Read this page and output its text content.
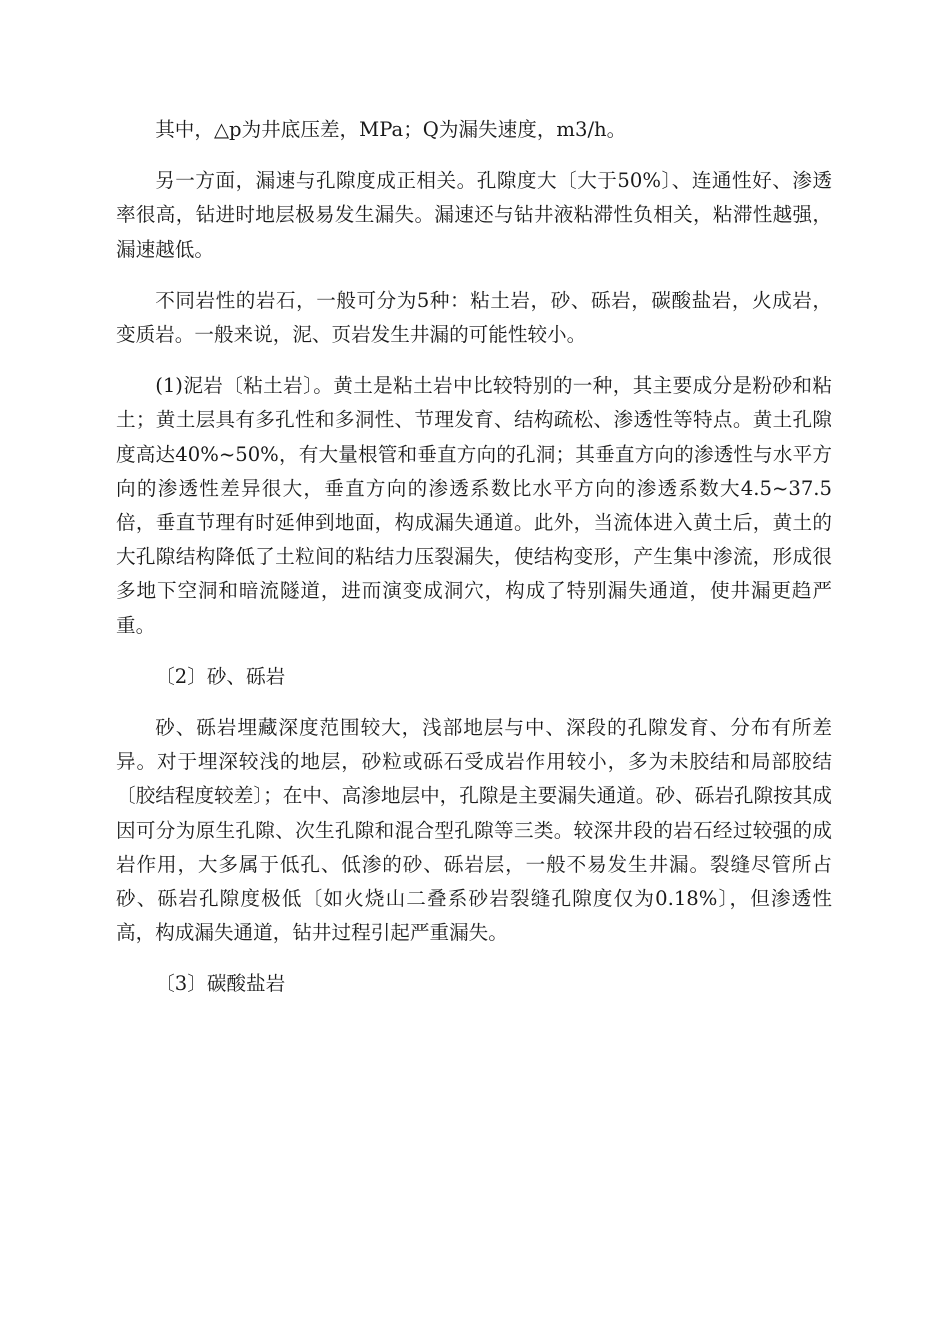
其中，△p为井底压差，MPa；Q为漏失速度，m3/h。

另一方面，漏速与孔隙度成正相关。孔隙度大〔大于50%〕、连通性好、渗透率很高，钻进时地层极易发生漏失。漏速还与钻井液粘滞性负相关，粘滞性越强，漏速越低。

不同岩性的岩石，一般可分为5种：粘土岩，砂、砾岩，碳酸盐岩，火成岩，变质岩。一般来说，泥、页岩发生井漏的可能性较小。

(1)泥岩〔粘土岩〕。黄土是粘土岩中比较特别的一种，其主要成分是粉砂和粘土；黄土层具有多孔性和多洞性、节理发育、结构疏松、渗透性等特点。黄土孔隙度高达40%~50%，有大量根管和垂直方向的孔洞；其垂直方向的渗透性与水平方向的渗透性差异很大，垂直方向的渗透系数比水平方向的渗透系数大4.5~37.5倍，垂直节理有时延伸到地面，构成漏失通道。此外，当流体进入黄土后，黄土的大孔隙结构降低了土粒间的粘结力压裂漏失，使结构变形，产生集中渗流，形成很多地下空洞和暗流隧道，进而演变成洞穴，构成了特别漏失通道，使井漏更趋严重。

〔2〕砂、砾岩

砂、砾岩埋藏深度范围较大，浅部地层与中、深段的孔隙发育、分布有所差异。对于埋深较浅的地层，砂粒或砾石受成岩作用较小，多为未胶结和局部胶结〔胶结程度较差〕；在中、高渗地层中，孔隙是主要漏失通道。砂、砾岩孔隙按其成因可分为原生孔隙、次生孔隙和混合型孔隙等三类。较深井段的岩石经过较强的成岩作用，大多属于低孔、低渗的砂、砾岩层，一般不易发生井漏。裂缝尽管所占砂、砾岩孔隙度极低〔如火烧山二叠系砂岩裂缝孔隙度仅为0.18%〕，但渗透性高，构成漏失通道，钻井过程引起严重漏失。

〔3〕碳酸盐岩
